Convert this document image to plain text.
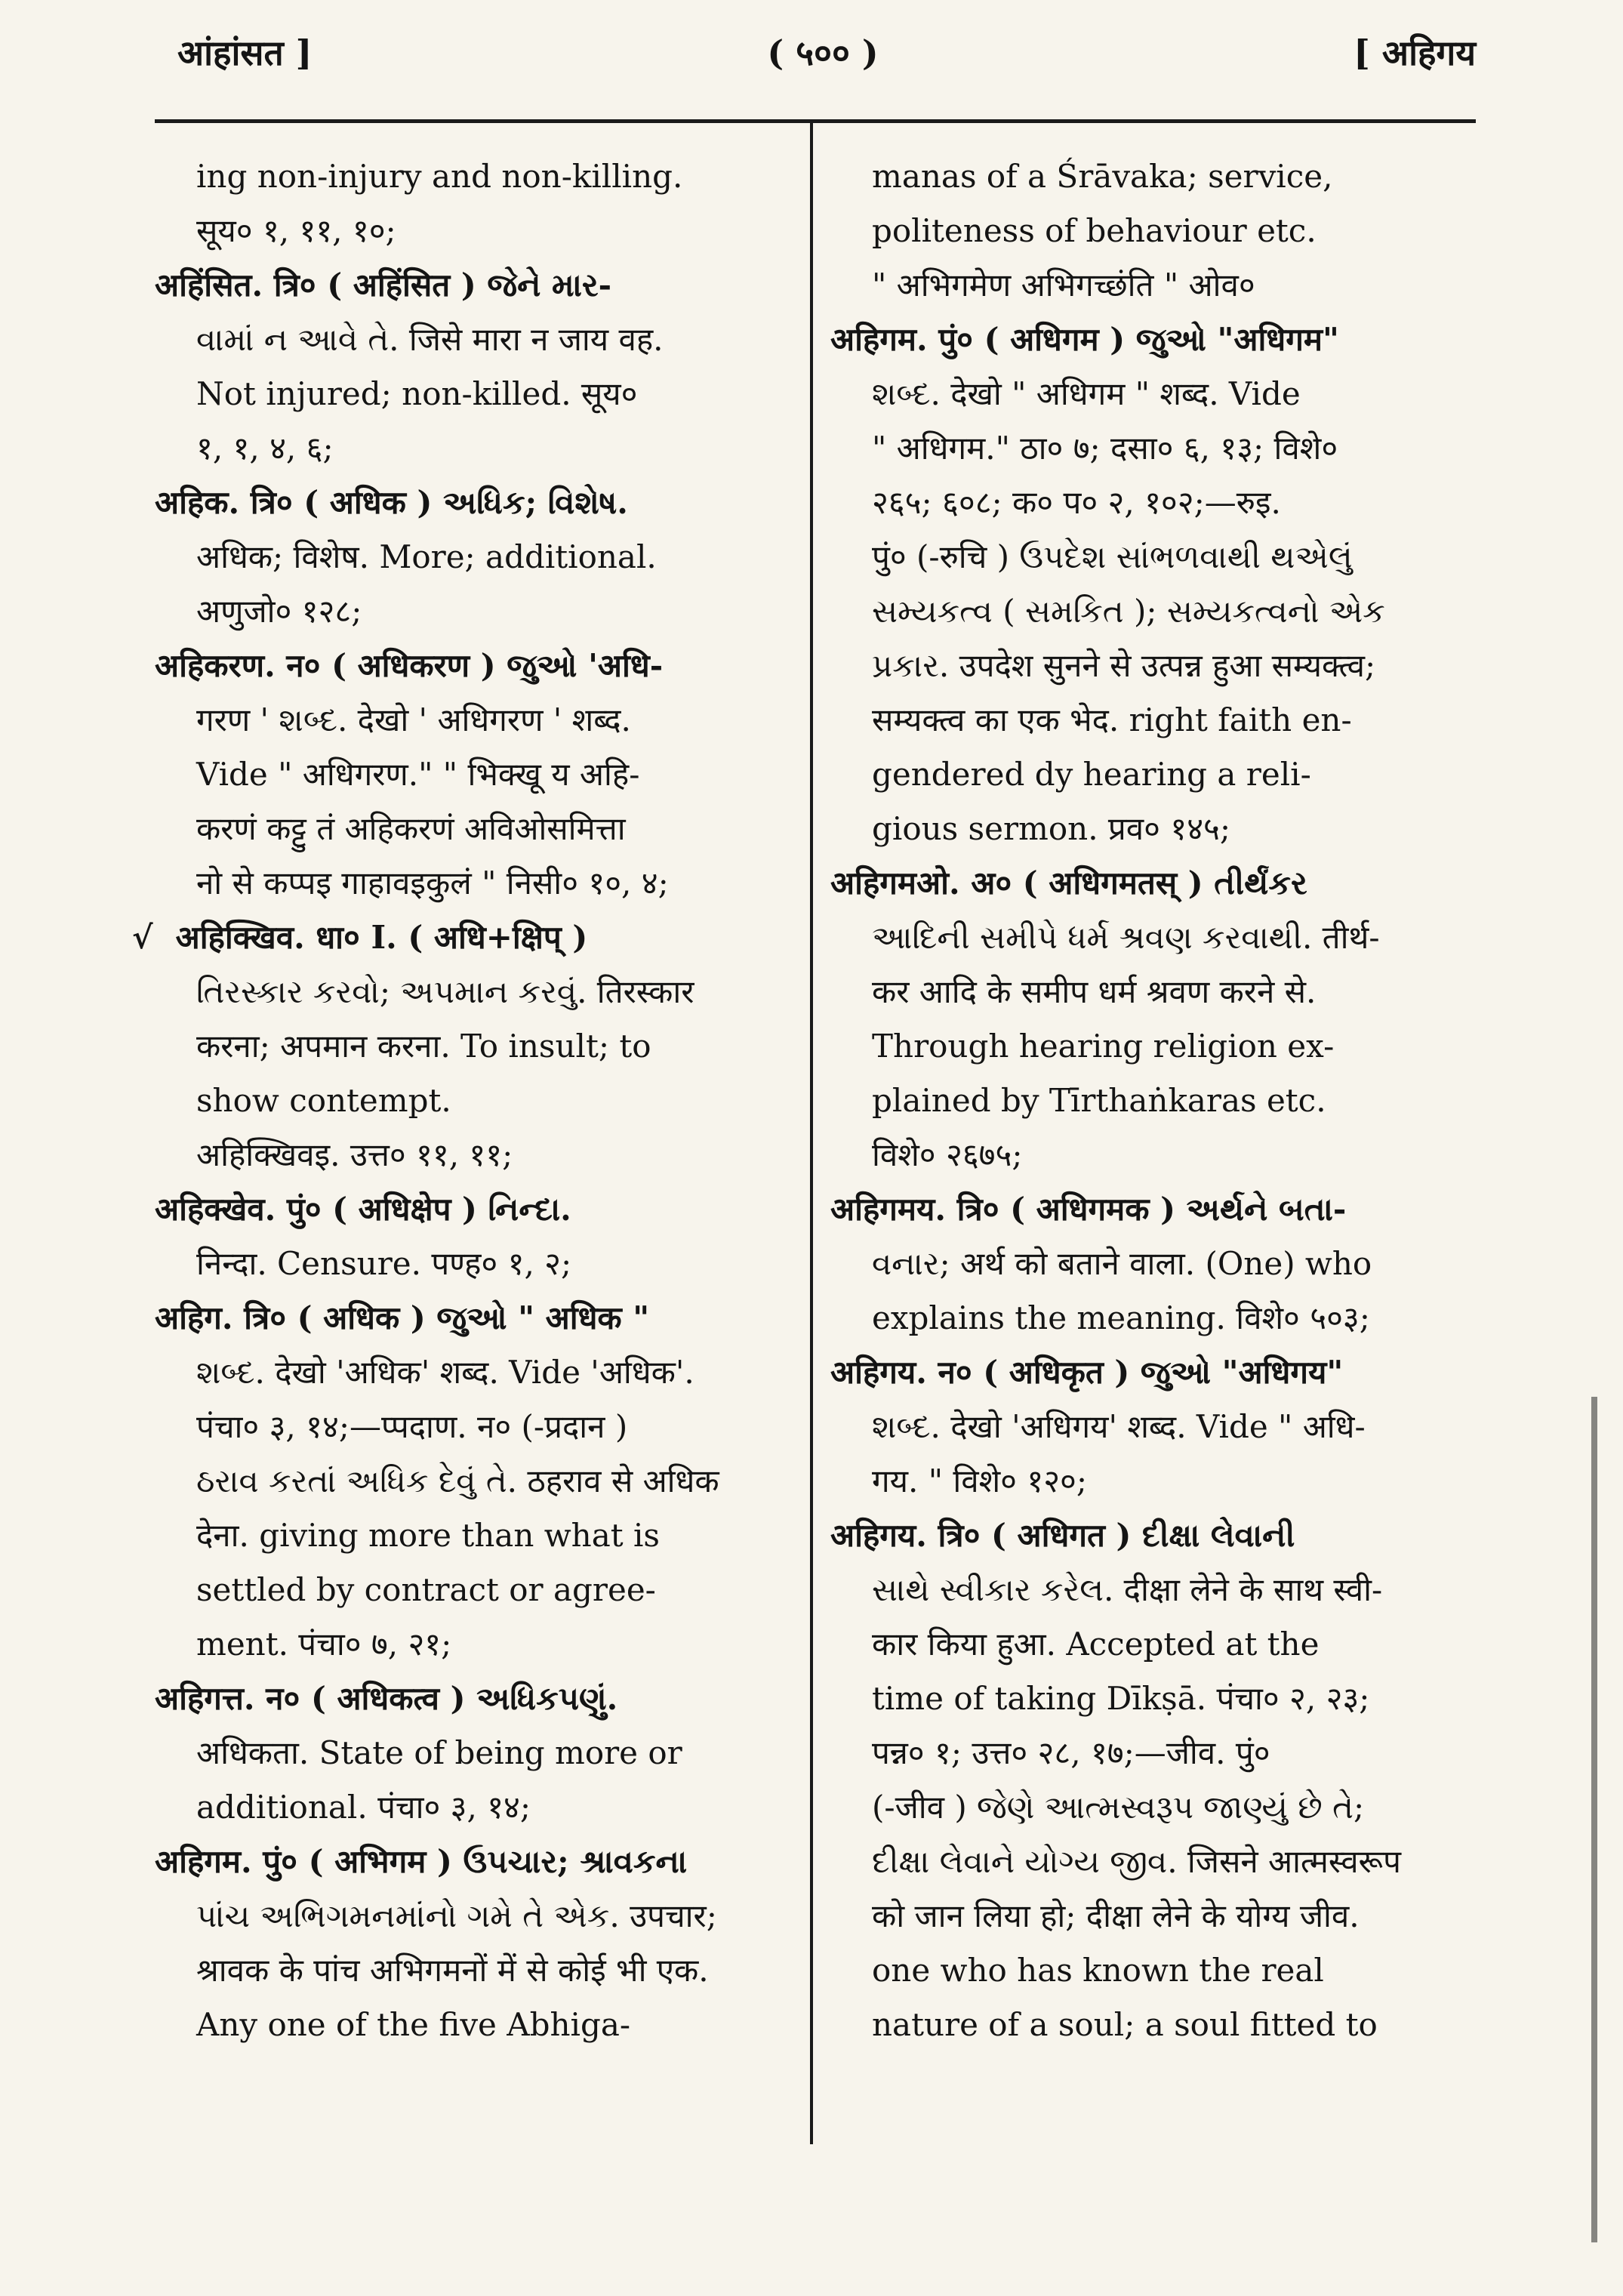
आंहांसत ]	( ५०० )	[ अहिगय
ing non-injury and non-killing.
सूय० १, ११, १०;
अहिंसित. त्रि० ( अहिंसित ) જેને માર-
વામાં ન આવે તે. जिसे मारा न जाय वह.
Not injured; non-killed. सूय०
१, १, ४, ६;
अहिक. त्रि० ( अधिक ) અધિક; વિશેષ.
अधिक; विशेष. More; additional.
अणुजो० १२८;
अहिकरण. न० ( अधिकरण ) જુઓ 'अधि-
गरण ' શબ્દ. देखो ' अधिगरण ' शब्द.
Vide " अधिगरण." " भिक्खू य अहि-
करणं कट्टु तं अहिकरणं अविओसमित्ता
नो से कप्पइ गाहावइकुलं " निसी० १०, ४;
√ अहिक्खिव. धा० I. ( अधि+क्षिप् )
તિરસ્કાર કરવો; અપમાન કરવું. तिरस्कार
करना; अपमान करना. To insult; to
show contempt.
अहिक्खिवइ. उत्त० ११, ११;
अहिक्खेव. पुं० ( अधिक्षेप ) નિન્દા.
निन्दा. Censure. पण्ह० १, २;
अहिग. त्रि० ( अधिक ) જુઓ " अधिक "
શબ્દ. देखो 'अधिक' शब्द. Vide 'अधिक'.
पंचा० ३, १४;—प्पदाण. न० (-प्रदान )
ઠરાવ કરતાં અધિક દેવું તે. ठहराव से अधिक
देना. giving more than what is
settled by contract or agree-
ment. पंचा० ७, २१;
अहिगत्त. न० ( अधिकत्व ) અધિકપણું.
अधिकता. State of being more or
additional. पंचा० ३, १४;
अहिगम. पुं० ( अभिगम ) ઉપચાર; શ્રાવકના
પાંચ અભિગમનમાંનો ગમે તે એક. उपचार;
श्रावक के पांच अभिगमनों में से कोई भी एक.
Any one of the five Abhiga-
manas of a Śrāvaka; service,
politeness of behaviour etc.
" अभिगमेण अभिगच्छंति " ओव०
अहिगम. पुं० ( अधिगम ) જુઓ "अधिगम"
શબ્દ. देखो " अधिगम " शब्द. Vide
" अधिगम." ठा० ७; दसा० ६, १३; विशे०
२६५; ६०८; क० प० २, १०२;—रुइ.
पुं० (-रुचि ) ઉપદેશ સાંભળવાથી થએલું
સમ્યકત્વ ( સમકિત ); સમ્યકત્વનો એક
પ્રકાર. उपदेश सुनने से उत्पन्न हुआ सम्यक्त्व;
सम्यक्त्व का एक भेद. right faith en-
gendered dy hearing a reli-
gious sermon. प्रव० १४५;
अहिगमओ. अ० ( अधिगमतस् ) તીર્થંકર
આદિની સમીપે ધર્મ શ્રવણ કરવાથી. तीर्थ-
कर आदि के समीप धर्म श्रवण करने से.
Through hearing religion ex-
plained by Tīrthaṅkaras etc.
विशे० २६७५;
अहिगमय. त्रि० ( अधिगमक ) અર્થને બતા-
વનાર; अर्थ को बताने वाला. (One) who
explains the meaning. विशे० ५०३;
अहिगय. न० ( अधिकृत ) જુઓ "अधिगय"
શબ્દ. देखो 'अधिगय' शब्द. Vide " अधि-
गय. " विशे० १२०;
अहिगय. त्रि० ( अधिगत ) દીક્ષા લેવાની
સાથે સ્વીકાર કરેલ. दीक्षा लेने के साथ स्वी-
कार किया हुआ. Accepted at the
time of taking Dīkṣā. पंचा० २, २३;
पन्न० १; उत्त० २८, १७;—जीव. पुं०
(-जीव ) જેણે આત્મસ્વરૂપ જાણ્યું છે તે;
દીક્ષા લેવાને યોગ્ય જીવ. जिसने आत्मस्वरूप
को जान लिया हो; दीक्षा लेने के योग्य जीव.
one who has known the real
nature of a soul; a soul fitted to
